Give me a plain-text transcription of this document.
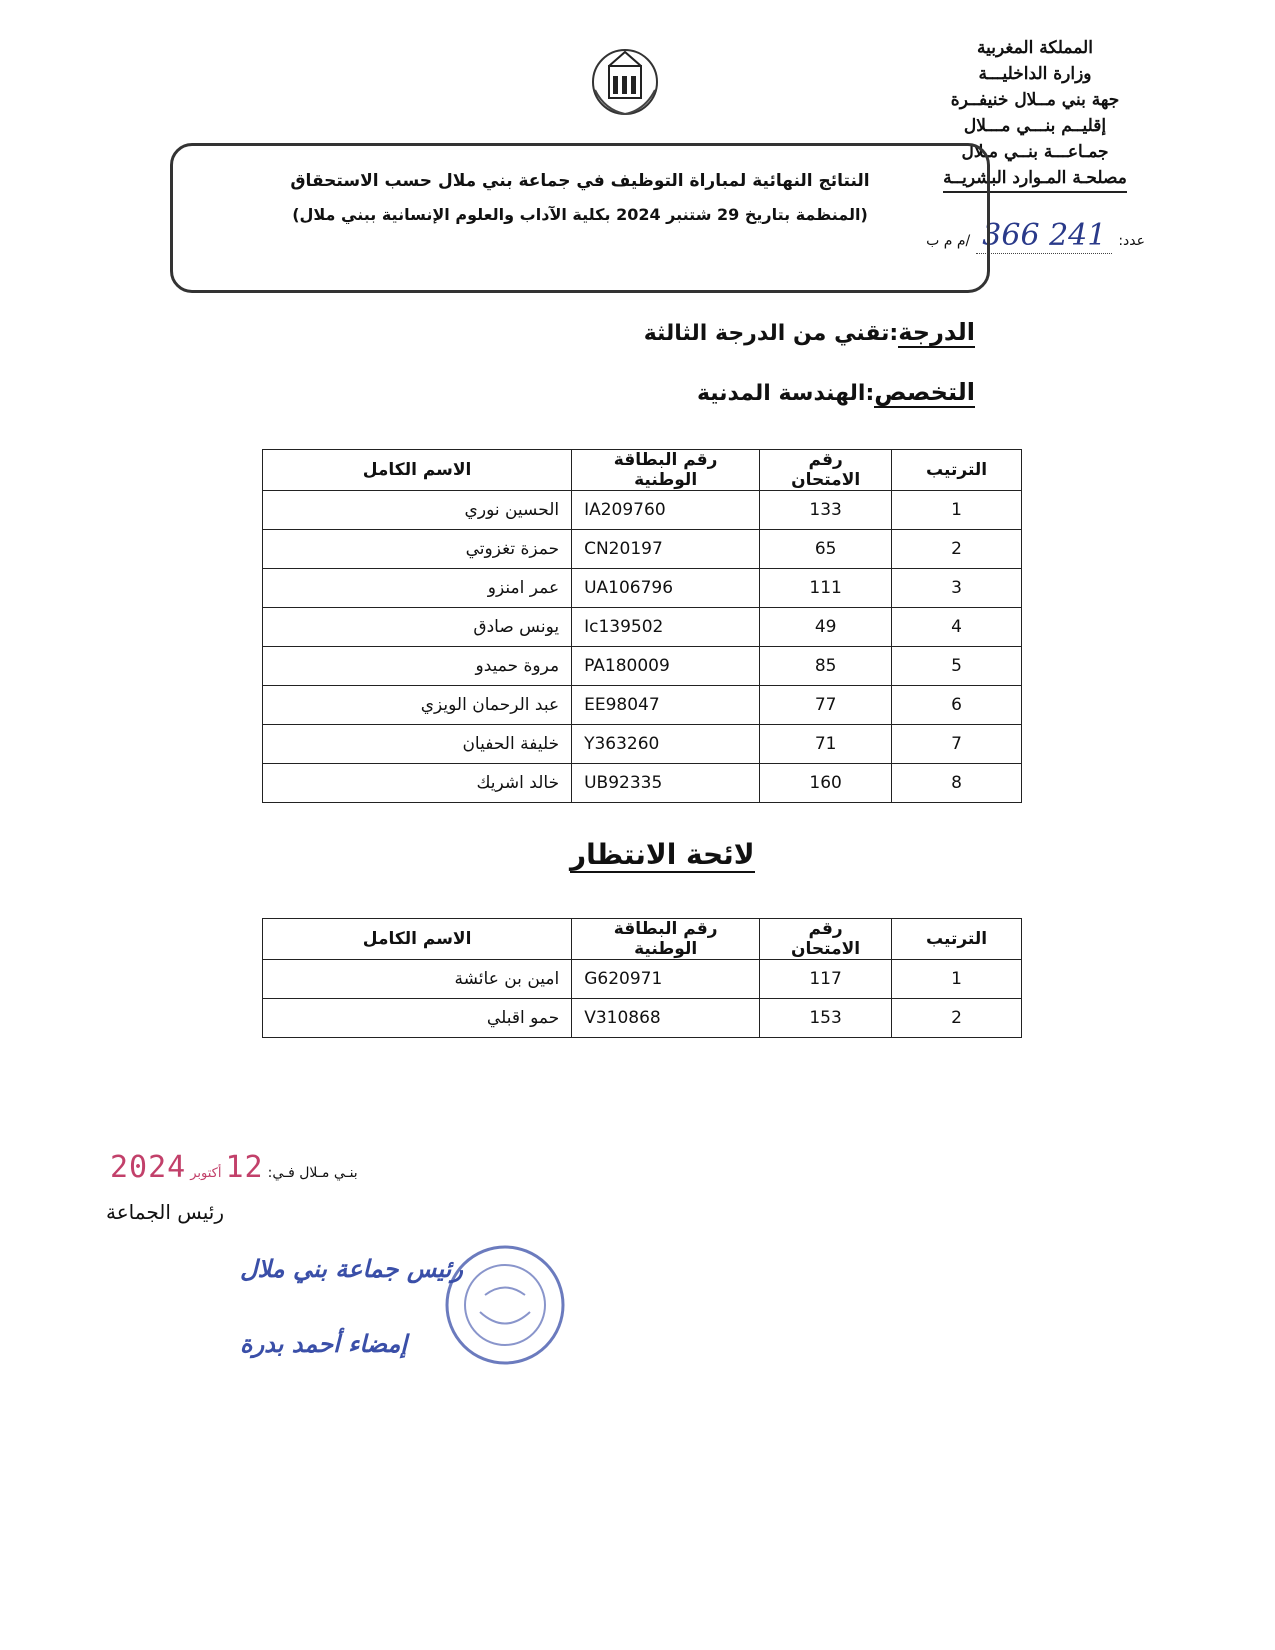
المملكة المغربية
وزارة الداخليـــة
جهة بني مــلال خنيفــرة
إقليــم بنـــي مـــلال
جمـاعـــة بنــي مـلال
مصلحـة المـوارد البشريــة
عدد:
241 366
/م م ب
النتائج النهائية لمباراة التوظيف في جماعة بني ملال حسب الاستحقاق
(المنظمة بتاريخ 29 شتنبر 2024 بكلية الآداب والعلوم الإنسانية ببني ملال)
الدرجة:تقني من الدرجة الثالثة
التخصص:الهندسة المدنية
الترتيب	رقم الامتحان	رقم البطاقة الوطنية	الاسم الكامل
1	133	IA209760	الحسين نوري
2	65	CN20197	حمزة تغزوتي
3	111	UA106796	عمر امنزو
4	49	Ic139502	يونس صادق
5	85	PA180009	مروة حميدو
6	77	EE98047	عبد الرحمان الويزي
7	71	Y363260	خليفة الحفيان
8	160	UB92335	خالد اشريك
لائحة الانتظار
الترتيب	رقم الامتحان	رقم البطاقة الوطنية	الاسم الكامل
1	117	G620971	امين بن عائشة
2	153	V310868	حمو اقبلي
بنـي مـلال فـي:
12
أكتوبر
2024
رئيس الجماعة
رئيس جماعة بني ملال
إمضاء أحمد بدرة
